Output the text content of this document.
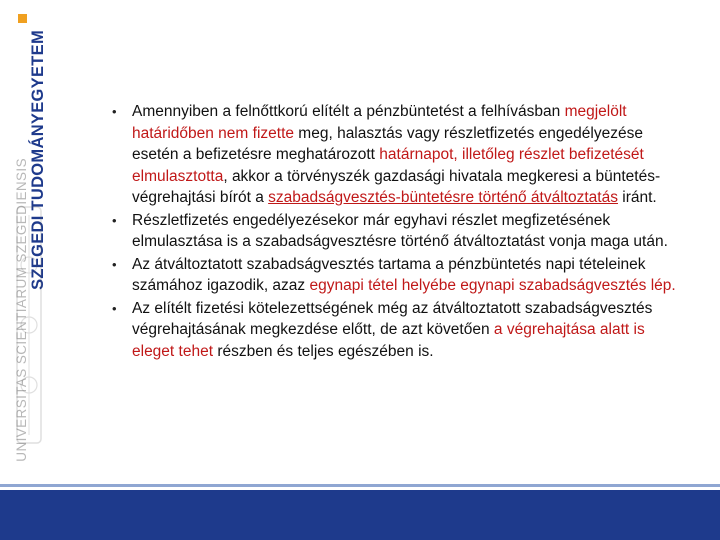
SZEGEDI TUDOMÁNYEGYETEM
UNIVERSITAS SCIENTIARUM SZEGEDIENSIS
• Amennyiben a felnőttkorú elítélt a pénzbüntetést a felhívásban megjelölt határidőben nem fizette meg, halasztás vagy részletfizetés engedélyezése esetén a befizetésre meghatározott határnapot, illetőleg részlet befizetését elmulasztotta, akkor a törvényszék gazdasági hivatala megkeresi a büntetés-végrehajtási bírót a szabadságvesztés-büntetésre történő átváltoztatás iránt.
• Részletfizetés engedélyezésekor már egyhavi részlet megfizetésének elmulasztása is a szabadságvesztésre történő átváltoztatást vonja maga után.
• Az átváltoztatott szabadságvesztés tartama a pénzbüntetés napi tételeinek számához igazodik, azaz egynapi tétel helyébe egynapi szabadságvesztés lép.
• Az elítélt fizetési kötelezettségének még az átváltoztatott szabadságvesztés végrehajtásának megkezdése előtt, de azt követően a végrehajtása alatt is eleget tehet részben és teljes egészében is.
